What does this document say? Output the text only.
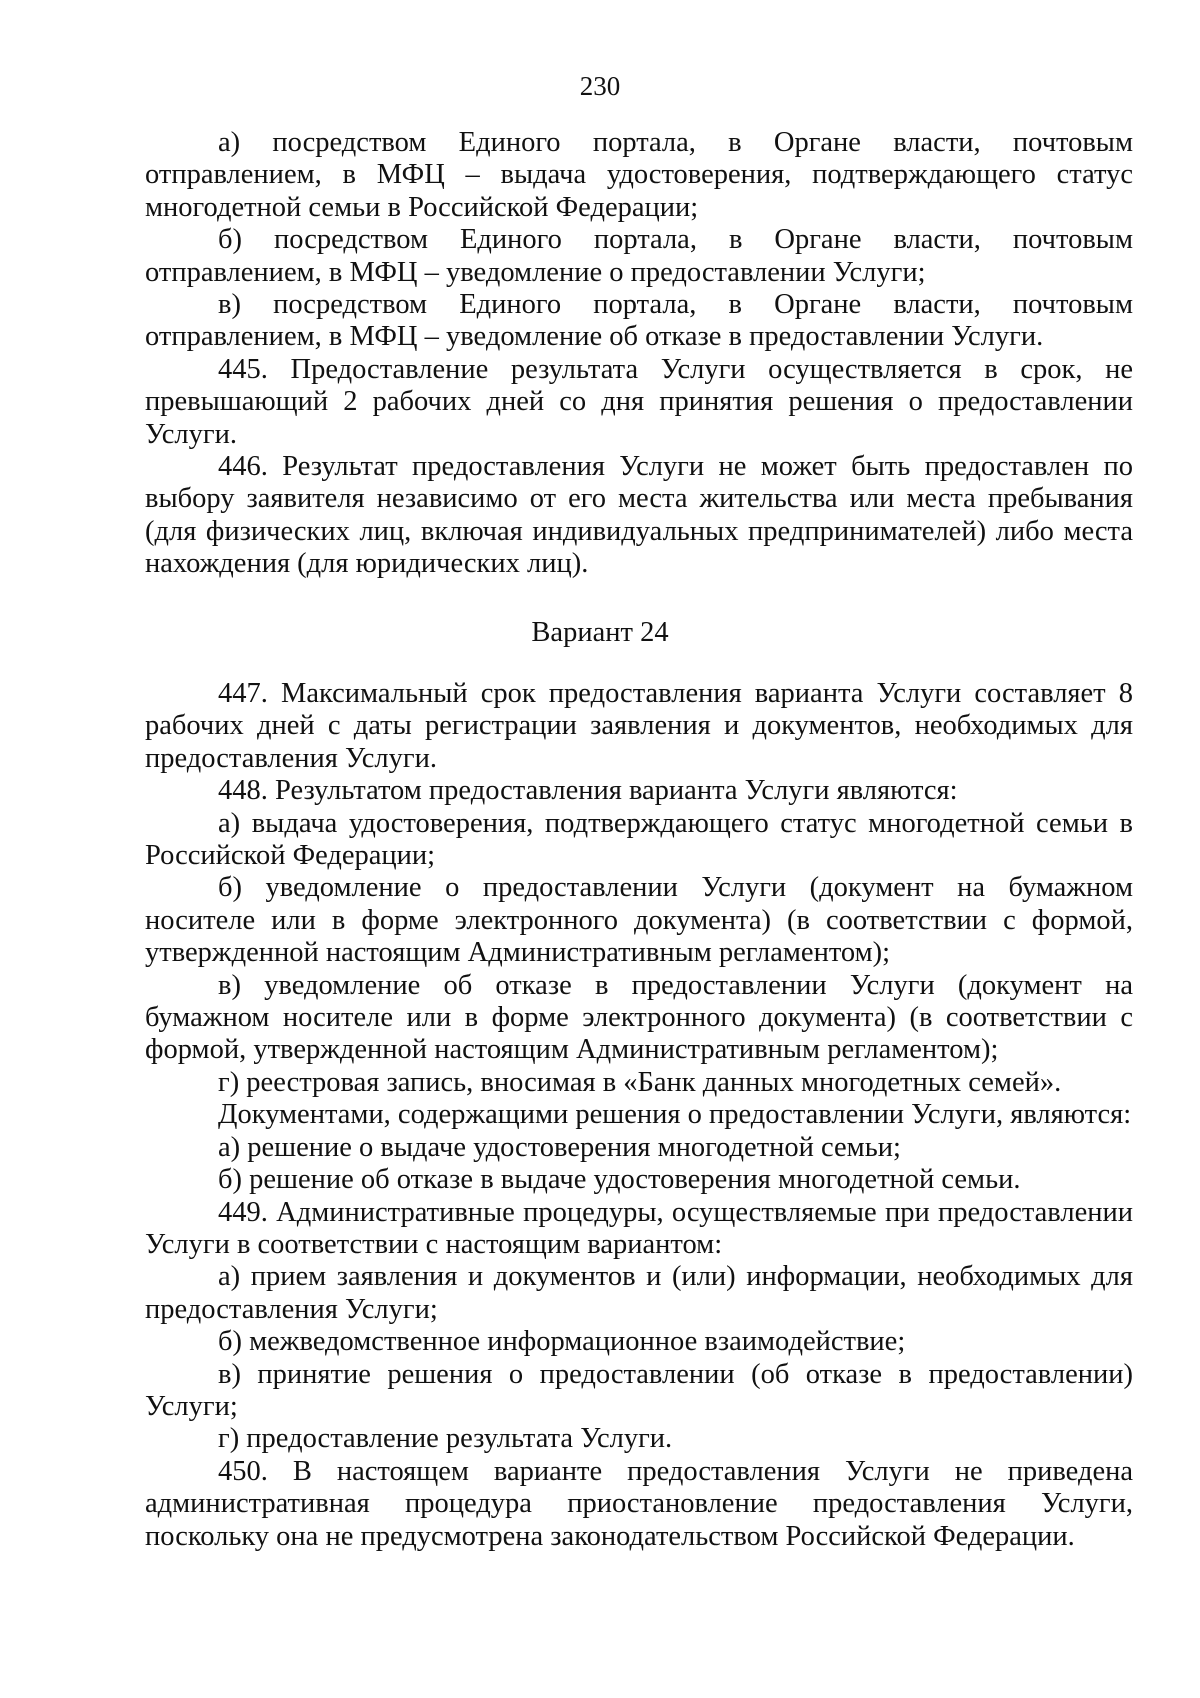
230

а) посредством Единого портала, в Органе власти, почтовым отправлением, в МФЦ – выдача удостоверения, подтверждающего статус многодетной семьи в Российской Федерации;

б) посредством Единого портала, в Органе власти, почтовым отправлением, в МФЦ – уведомление о предоставлении Услуги;

в) посредством Единого портала, в Органе власти, почтовым отправлением, в МФЦ – уведомление об отказе в предоставлении Услуги.

445. Предоставление результата Услуги осуществляется в срок, не превышающий 2 рабочих дней со дня принятия решения о предоставлении Услуги.

446. Результат предоставления Услуги не может быть предоставлен по выбору заявителя независимо от его места жительства или места пребывания (для физических лиц, включая индивидуальных предпринимателей) либо места нахождения (для юридических лиц).

Вариант 24

447. Максимальный срок предоставления варианта Услуги составляет 8 рабочих дней с даты регистрации заявления и документов, необходимых для предоставления Услуги.

448. Результатом предоставления варианта Услуги являются:

а) выдача удостоверения, подтверждающего статус многодетной семьи в Российской Федерации;

б) уведомление о предоставлении Услуги (документ на бумажном носителе или в форме электронного документа) (в соответствии с формой, утвержденной настоящим Административным регламентом);

в) уведомление об отказе в предоставлении Услуги (документ на бумажном носителе или в форме электронного документа) (в соответствии с формой, утвержденной настоящим Административным регламентом);

г) реестровая запись, вносимая в «Банк данных многодетных семей».

Документами, содержащими решения о предоставлении Услуги, являются:

а) решение о выдаче удостоверения многодетной семьи;

б) решение об отказе в выдаче удостоверения многодетной семьи.

449. Административные процедуры, осуществляемые при предоставлении Услуги в соответствии с настоящим вариантом:

а) прием заявления и документов и (или) информации, необходимых для предоставления Услуги;

б) межведомственное информационное взаимодействие;

в) принятие решения о предоставлении (об отказе в предоставлении) Услуги;

г) предоставление результата Услуги.

450. В настоящем варианте предоставления Услуги не приведена административная процедура приостановление предоставления Услуги, поскольку она не предусмотрена законодательством Российской Федерации.
